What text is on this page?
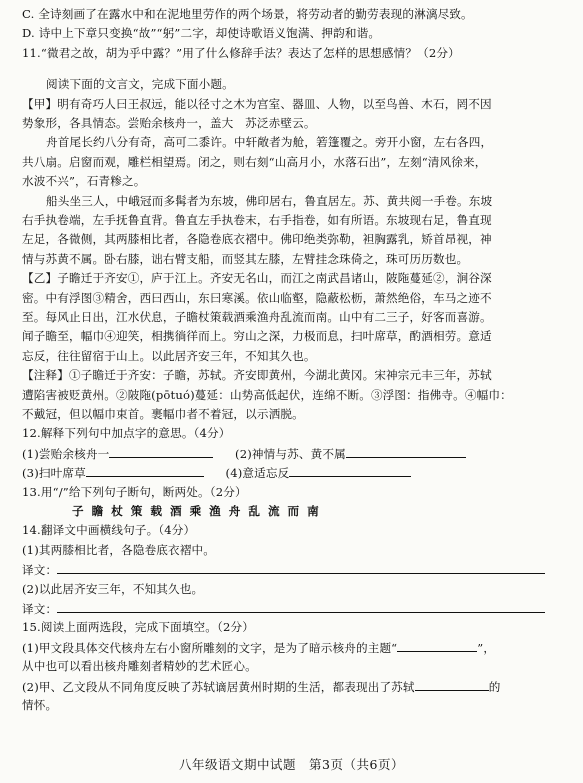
C. 全诗刻画了在露水中和在泥地里劳作的两个场景，将劳动者的勤劳表现的淋漓尽致。
D. 诗中上下章只变换“故”“躬”二字，却使诗歌语义饱满、押韵和谐。
11.“微君之故，胡为乎中露？”用了什么修辞手法？表达了怎样的思想感情？（2分）
阅读下面的文言文，完成下面小题。
【甲】明有奇巧人曰王叔远，能以径寸之木为宫室、器皿、人物，以至鸟兽、木石，罔不因
势象形，各具情态。尝贻余核舟一，盖大　苏泛赤壁云。
舟首尾长约八分有奇，高可二黍许。中轩敞者为舱，箬篷覆之。旁开小窗，左右各四，
共八扇。启窗而观，雕栏相望焉。闭之，则右刻“山高月小，水落石出”，左刻“清风徐来，
水波不兴”，石青糁之。
船头坐三人，中峨冠而多髯者为东坡，佛印居右，鲁直居左。苏、黄共阅一手卷。东坡
右手执卷端，左手抚鲁直背。鲁直左手执卷末，右手指卷，如有所语。东坡现右足，鲁直现
左足，各微侧，其两膝相比者，各隐卷底衣褶中。佛印绝类弥勒，袒胸露乳，矫首昂视，神
情与苏黄不属。卧右膝，诎右臂支船，而竖其左膝，左臂挂念珠倚之，珠可历历数也。
【乙】子瞻迁于齐安①，庐于江上。齐安无名山，而江之南武昌诸山，陂陁蔓延②，涧谷深
密。中有浮图③精舍，西曰西山，东曰寒溪。依山临壑，隐蔽松枥，萧然绝俗，车马之迹不
至。每风止日出，江水伏息，子瞻杖策载酒乘渔舟乱流而南。山中有二三子，好客而喜游。
闻子瞻至，幅巾④迎笑，相携徜徉而上。穷山之深，力极而息，扫叶席草，酌酒相劳。意适
忘反，往往留宿于山上。以此居齐安三年，不知其久也。
【注释】①子瞻迁于齐安：子瞻，苏轼。齐安即黄州，今湖北黄冈。宋神宗元丰三年，苏轼
遭陷害被贬黄州。②陂陁(pōtuó)蔓延：山势高低起伏，连绵不断。③浮图：指佛寺。④幅巾：
不戴冠，但以幅巾束首。裹幅巾者不着冠，以示洒脱。
12.解释下列句中加点字的意思。（4分）
(1)尝贻余核舟一	(2)神情与苏、黄不属
(3)扫叶席草	(4)意适忘反
13.用“/”给下列句子断句，断两处。（2分）
子瞻杖策载酒乘渔舟乱流而南
14.翻译文中画横线句子。（4分）
(1)其两膝相比者，各隐卷底衣褶中。
译文：
(2)以此居齐安三年，不知其久也。
译文：
15.阅读上面两选段，完成下面填空。（2分）
(1)甲文段具体交代核舟左右小窗所雕刻的文字，是为了暗示核舟的主题“	”，
从中也可以看出核舟雕刻者精妙的艺术匠心。
(2)甲、乙文段从不同角度反映了苏轼谪居黄州时期的生活，都表现出了苏轼	的
情怀。
八年级语文期中试题　第3页（共6页）
